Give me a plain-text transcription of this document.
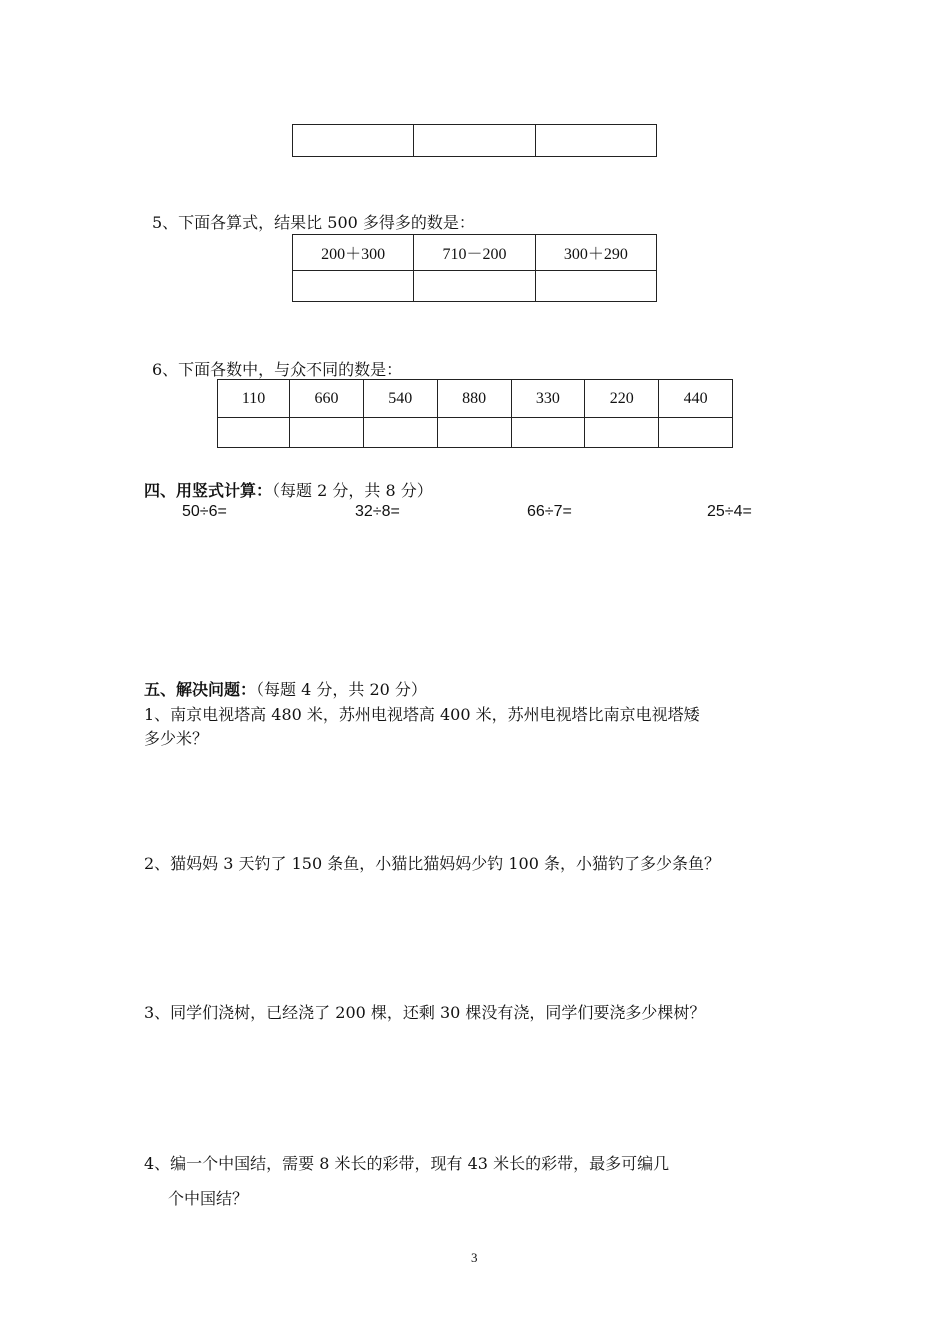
5、下面各算式，结果比 500 多得多的数是：
200＋300	710－200	300＋290

6、下面各数中，与众不同的数是：
110	660	540	880	330	220	440

四、用竖式计算：（每题 2 分，共 8 分）
50÷6=	32÷8=	66÷7=	25÷4=
五、解决问题：（每题 4 分，共 20 分）
1、南京电视塔高 480 米，苏州电视塔高 400 米，苏州电视塔比南京电视塔矮
多少米？
2、猫妈妈 3 天钓了 150 条鱼，小猫比猫妈妈少钓 100 条，小猫钓了多少条鱼？
3、同学们浇树，已经浇了 200 棵，还剩 30 棵没有浇，同学们要浇多少棵树？
4、编一个中国结，需要 8 米长的彩带，现有 43 米长的彩带，最多可编几
个中国结？
3
